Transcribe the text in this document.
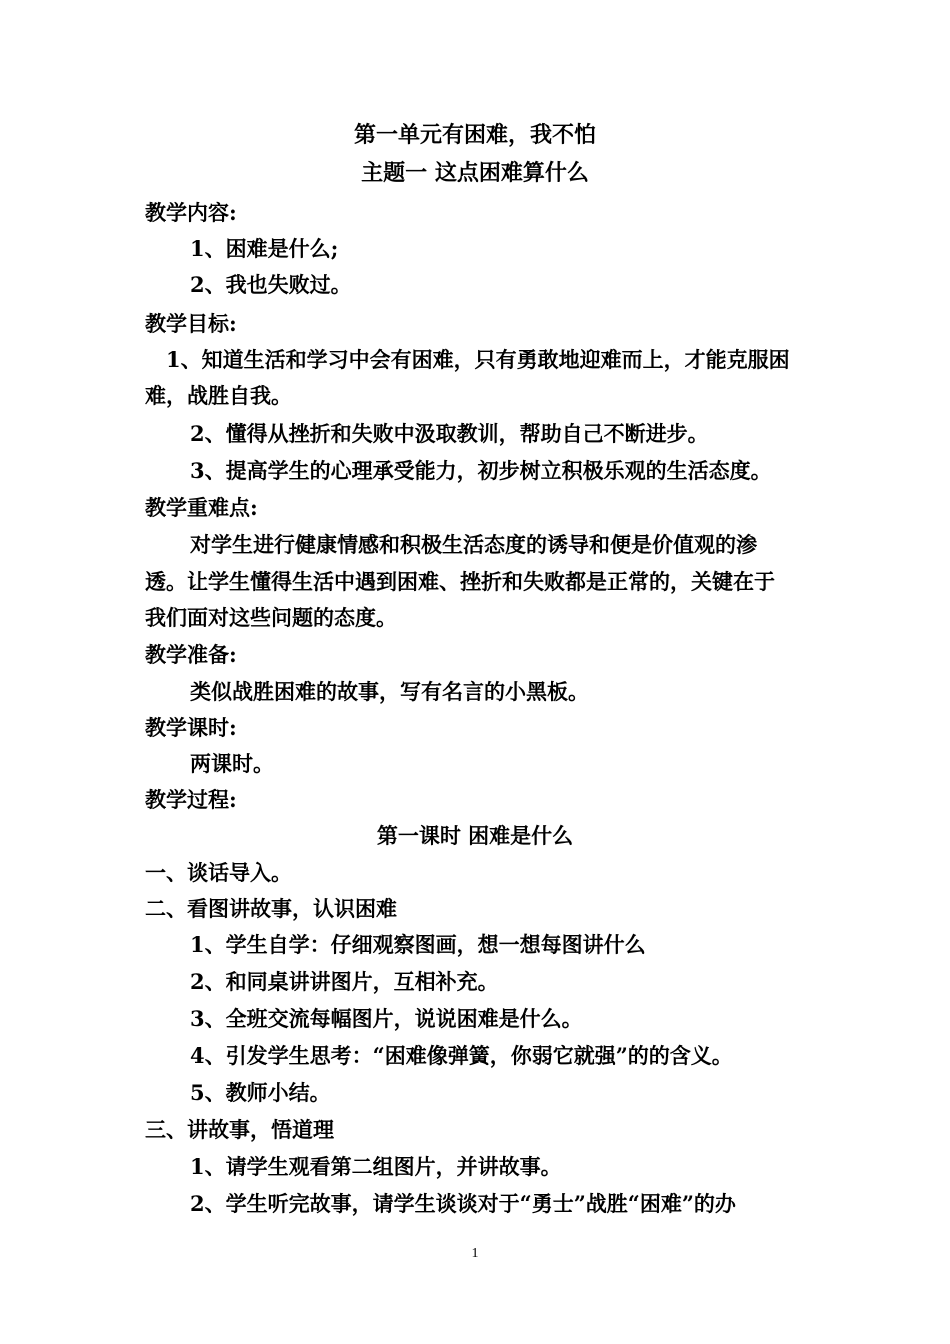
第一单元有困难，我不怕
主题一 这点困难算什么
教学内容:
1、困难是什么;
2、我也失败过。
教学目标:
1、知道生活和学习中会有困难，只有勇敢地迎难而上，才能克服困
难，战胜自我。
2、懂得从挫折和失败中汲取教训，帮助自己不断进步。
3、提高学生的心理承受能力，初步树立积极乐观的生活态度。
教学重难点:
对学生进行健康情感和积极生活态度的诱导和便是价值观的渗
透。让学生懂得生活中遇到困难、挫折和失败都是正常的，关键在于
我们面对这些问题的态度。
教学准备:
类似战胜困难的故事，写有名言的小黑板。
教学课时:
两课时。
教学过程:
第一课时 困难是什么
一、谈话导入。
二、看图讲故事，认识困难
1、学生自学：仔细观察图画，想一想每图讲什么
2、和同桌讲讲图片，互相补充。
3、全班交流每幅图片，说说困难是什么。
4、引发学生思考：“困难像弹簧，你弱它就强”的的含义。
5、教师小结。
三、讲故事，悟道理
1、请学生观看第二组图片，并讲故事。
2、学生听完故事，请学生谈谈对于“勇士”战胜“困难”的办
1
